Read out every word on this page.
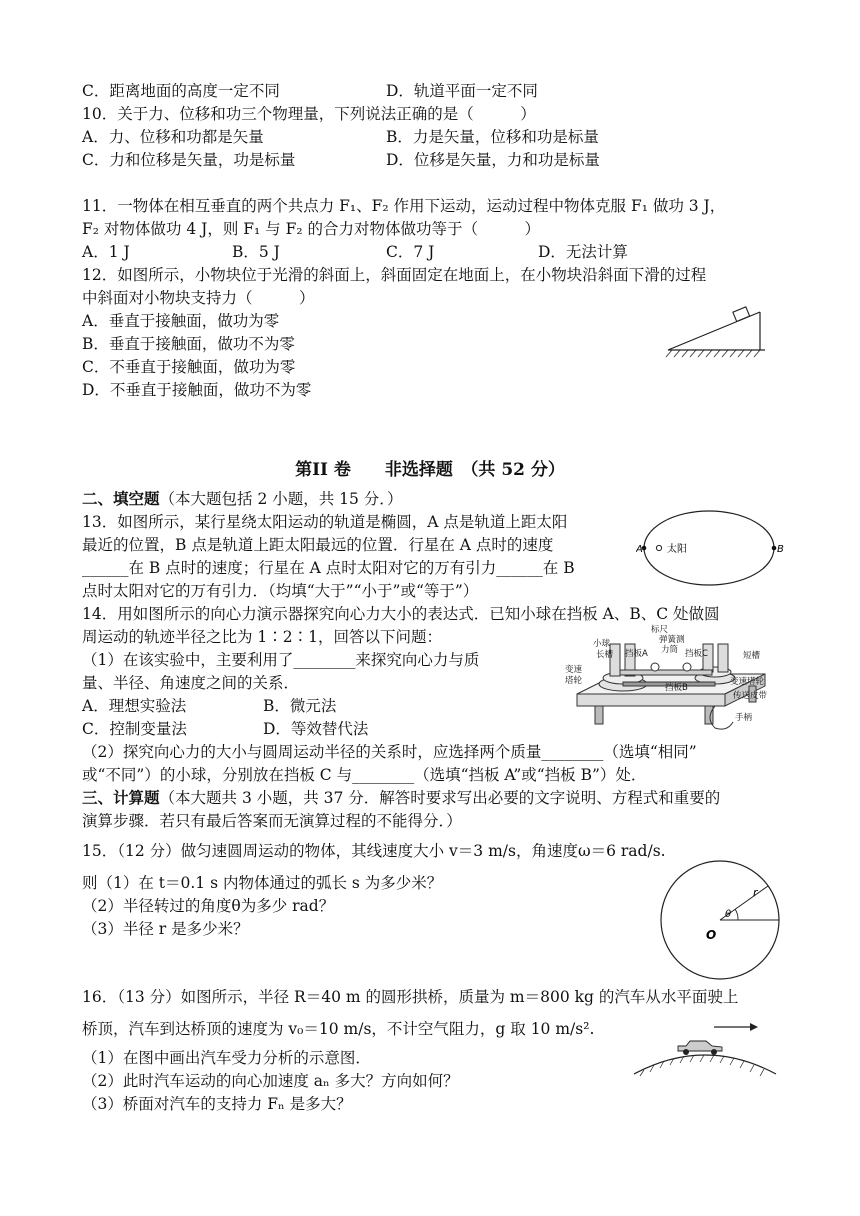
C．距离地面的高度一定不同	D．轨道平面一定不同
10．关于力、位移和功三个物理量，下列说法正确的是（　　　）
A．力、位移和功都是矢量	B．力是矢量，位移和功是标量
C．力和位移是矢量，功是标量	D．位移是矢量，力和功是标量
11．一物体在相互垂直的两个共点力 F₁、F₂ 作用下运动，运动过程中物体克服 F₁ 做功 3 J，
F₂ 对物体做功 4 J，则 F₁ 与 F₂ 的合力对物体做功等于（　　　）
A．1 J	B．5 J	C．7 J	D．无法计算
12．如图所示，小物块位于光滑的斜面上，斜面固定在地面上，在小物块沿斜面下滑的过程
中斜面对小物块支持力（　　　）
A．垂直于接触面，做功为零
B．垂直于接触面，做功不为零
C．不垂直于接触面，做功为零
D．不垂直于接触面，做功不为零
第II 卷　　非选择题　（共 52 分）
二、填空题（本大题包括 2 小题，共 15 分．）
13．如图所示，某行星绕太阳运动的轨道是椭圆，A 点是轨道上距太阳
最近的位置，B 点是轨道上距太阳最远的位置．行星在 A 点时的速度
______在 B 点时的速度；行星在 A 点时太阳对它的万有引力______在 B
点时太阳对它的万有引力．（均填“大于”“小于”或“等于”）
A 太阳	B
14．用如图所示的向心力演示器探究向心力大小的表达式．已知小球在挡板 A、B、C 处做圆
周运动的轨迹半径之比为 1∶2∶1，回答以下问题：
（1）在该实验中，主要利用了________来探究向心力与质
量、半径、角速度之间的关系．
A．理想实验法	B．微元法
C．控制变量法	D．等效替代法
（2）探究向心力的大小与圆周运动半径的关系时，应选择两个质量________（选填“相同”
或“不同”）的小球，分别放在挡板 C 与________（选填“挡板 A”或“挡板 B”）处．
标尺
弹簧测
力筒
小球
长槽 挡板A	挡板C	短槽
变速
塔轮	变速塔轮
挡板B
传送皮带
手柄
三、计算题（本大题共 3 小题，共 37 分．解答时要求写出必要的文字说明、方程式和重要的
演算步骤．若只有最后答案而无演算过程的不能得分．）
15．（12 分）做匀速圆周运动的物体，其线速度大小 v＝3 m/s，角速度ω＝6 rad/s.
则（1）在 t＝0.1 s 内物体通过的弧长 s 为多少米？
（2）半径转过的角度θ为多少 rad？
（3）半径 r 是多少米？
r
θ
O
16．（13 分）如图所示，半径 R＝40 m 的圆形拱桥，质量为 m＝800 kg 的汽车从水平面驶上
桥顶，汽车到达桥顶的速度为 v₀＝10 m/s，不计空气阻力，g 取 10 m/s².
（1）在图中画出汽车受力分析的示意图．
（2）此时汽车运动的向心加速度 aₙ 多大？方向如何？
（3）桥面对汽车的支持力 Fₙ 是多大？
